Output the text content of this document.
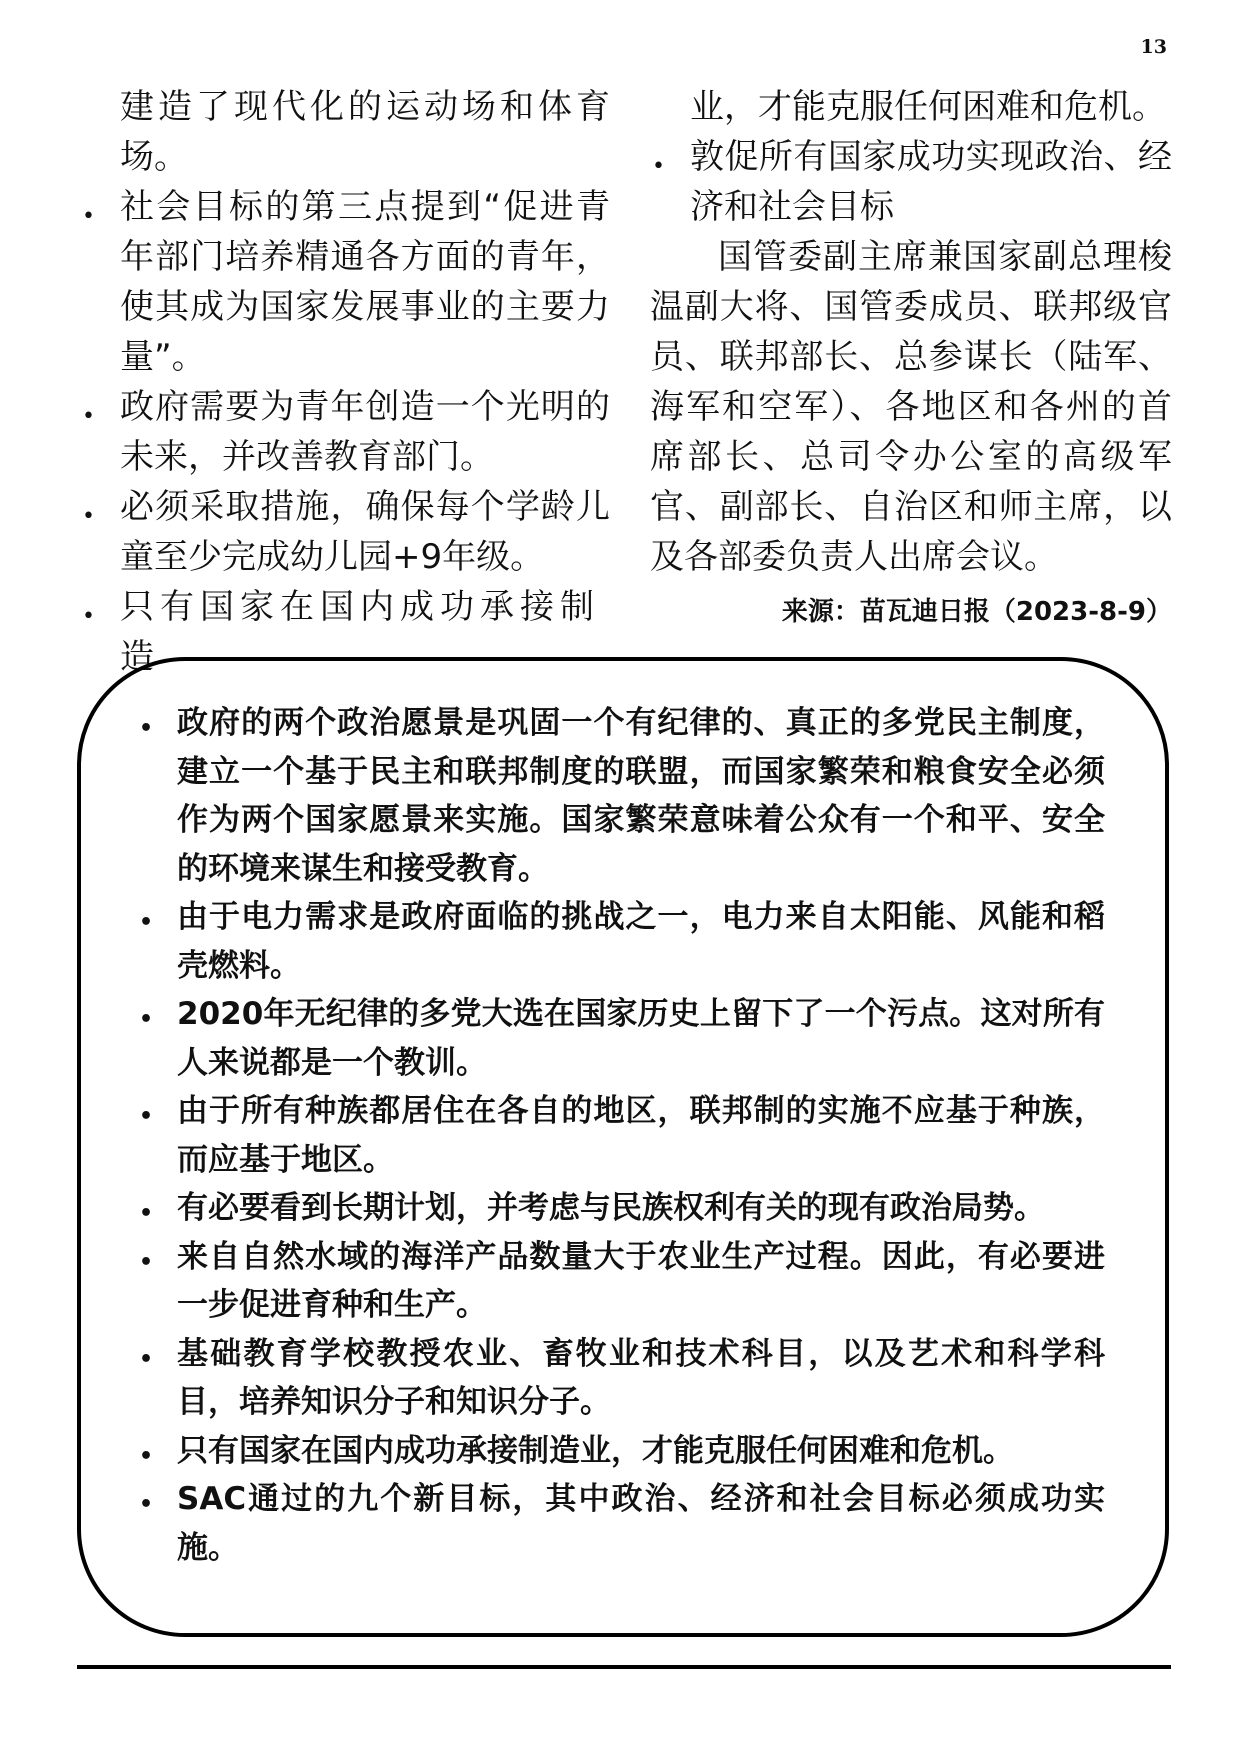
13
建造了现代化的运动场和体育场。
• 社会目标的第三点提到“促进青年部门培养精通各方面的青年，使其成为国家发展事业的主要力量”。
• 政府需要为青年创造一个光明的未来，并改善教育部门。
• 必须采取措施，确保每个学龄儿童至少完成幼儿园+9年级。
• 只有国家在国内成功承接制造
业，才能克服任何困难和危机。
• 敦促所有国家成功实现政治、经济和社会目标
国管委副主席兼国家副总理梭温副大将、国管委成员、联邦级官员、联邦部长、总参谋长（陆军、海军和空军）、各地区和各州的首席部长、总司令办公室的高级军官、副部长、自治区和师主席，以及各部委负责人出席会议。
来源：苗瓦迪日报（2023-8-9）
• 政府的两个政治愿景是巩固一个有纪律的、真正的多党民主制度，建立一个基于民主和联邦制度的联盟，而国家繁荣和粮食安全必须作为两个国家愿景来实施。国家繁荣意味着公众有一个和平、安全的环境来谋生和接受教育。
• 由于电力需求是政府面临的挑战之一，电力来自太阳能、风能和稻壳燃料。
• 2020年无纪律的多党大选在国家历史上留下了一个污点。这对所有人来说都是一个教训。
• 由于所有种族都居住在各自的地区，联邦制的实施不应基于种族，而应基于地区。
• 有必要看到长期计划，并考虑与民族权利有关的现有政治局势。
• 来自自然水域的海洋产品数量大于农业生产过程。因此，有必要进一步促进育种和生产。
• 基础教育学校教授农业、畜牧业和技术科目，以及艺术和科学科目，培养知识分子和知识分子。
• 只有国家在国内成功承接制造业，才能克服任何困难和危机。
• SAC通过的九个新目标，其中政治、经济和社会目标必须成功实施。
